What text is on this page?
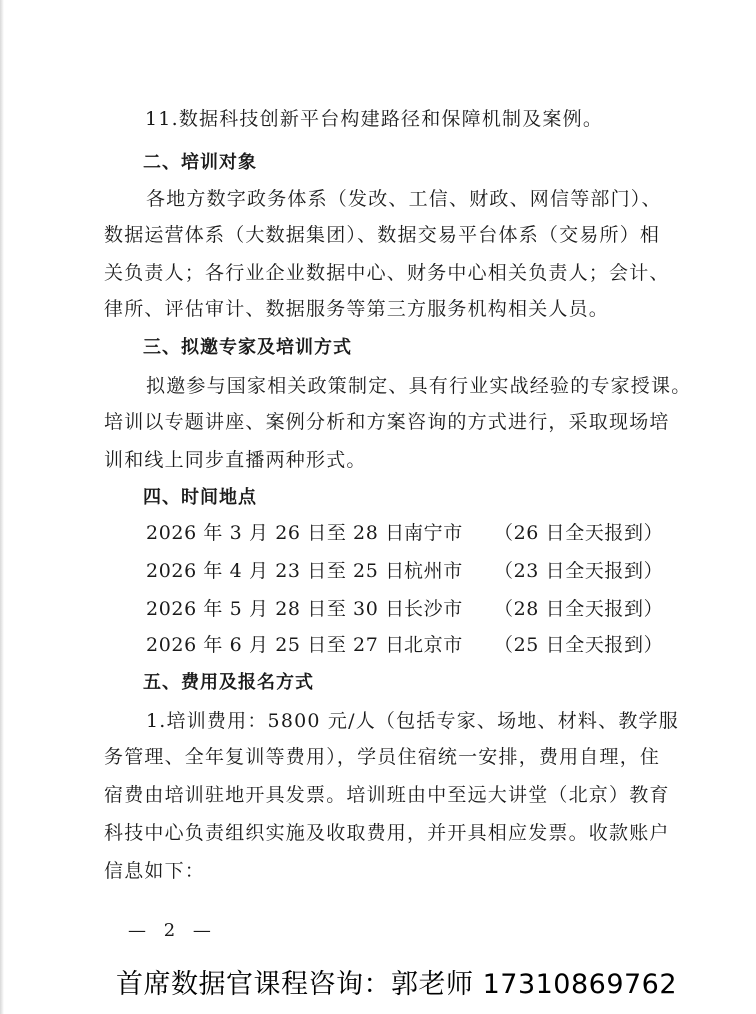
11.数据科技创新平台构建路径和保障机制及案例。
二、培训对象
各地方数字政务体系（发改、工信、财政、网信等部门）、
数据运营体系（大数据集团）、数据交易平台体系（交易所）相
关负责人；各行业企业数据中心、财务中心相关负责人；会计、
律所、评估审计、数据服务等第三方服务机构相关人员。
三、拟邀专家及培训方式
拟邀参与国家相关政策制定、具有行业实战经验的专家授课。
培训以专题讲座、案例分析和方案咨询的方式进行，采取现场培
训和线上同步直播两种形式。
四、时间地点
2026 年 3 月 26 日至 28 日 南宁市 （26 日全天报到）
2026 年 4 月 23 日至 25 日 杭州市 （23 日全天报到）
2026 年 5 月 28 日至 30 日 长沙市 （28 日全天报到）
2026 年 6 月 25 日至 27 日 北京市 （25 日全天报到）
五、费用及报名方式
1.培训费用：5800 元/人（包括专家、场地、材料、教学服
务管理、全年复训等费用），学员住宿统一安排，费用自理，住
宿费由培训驻地开具发票。培训班由中至远大讲堂（北京）教育
科技中心负责组织实施及收取费用，并开具相应发票。收款账户
信息如下：
— 2 —
首席数据官课程咨询：郭老师 17310869762
